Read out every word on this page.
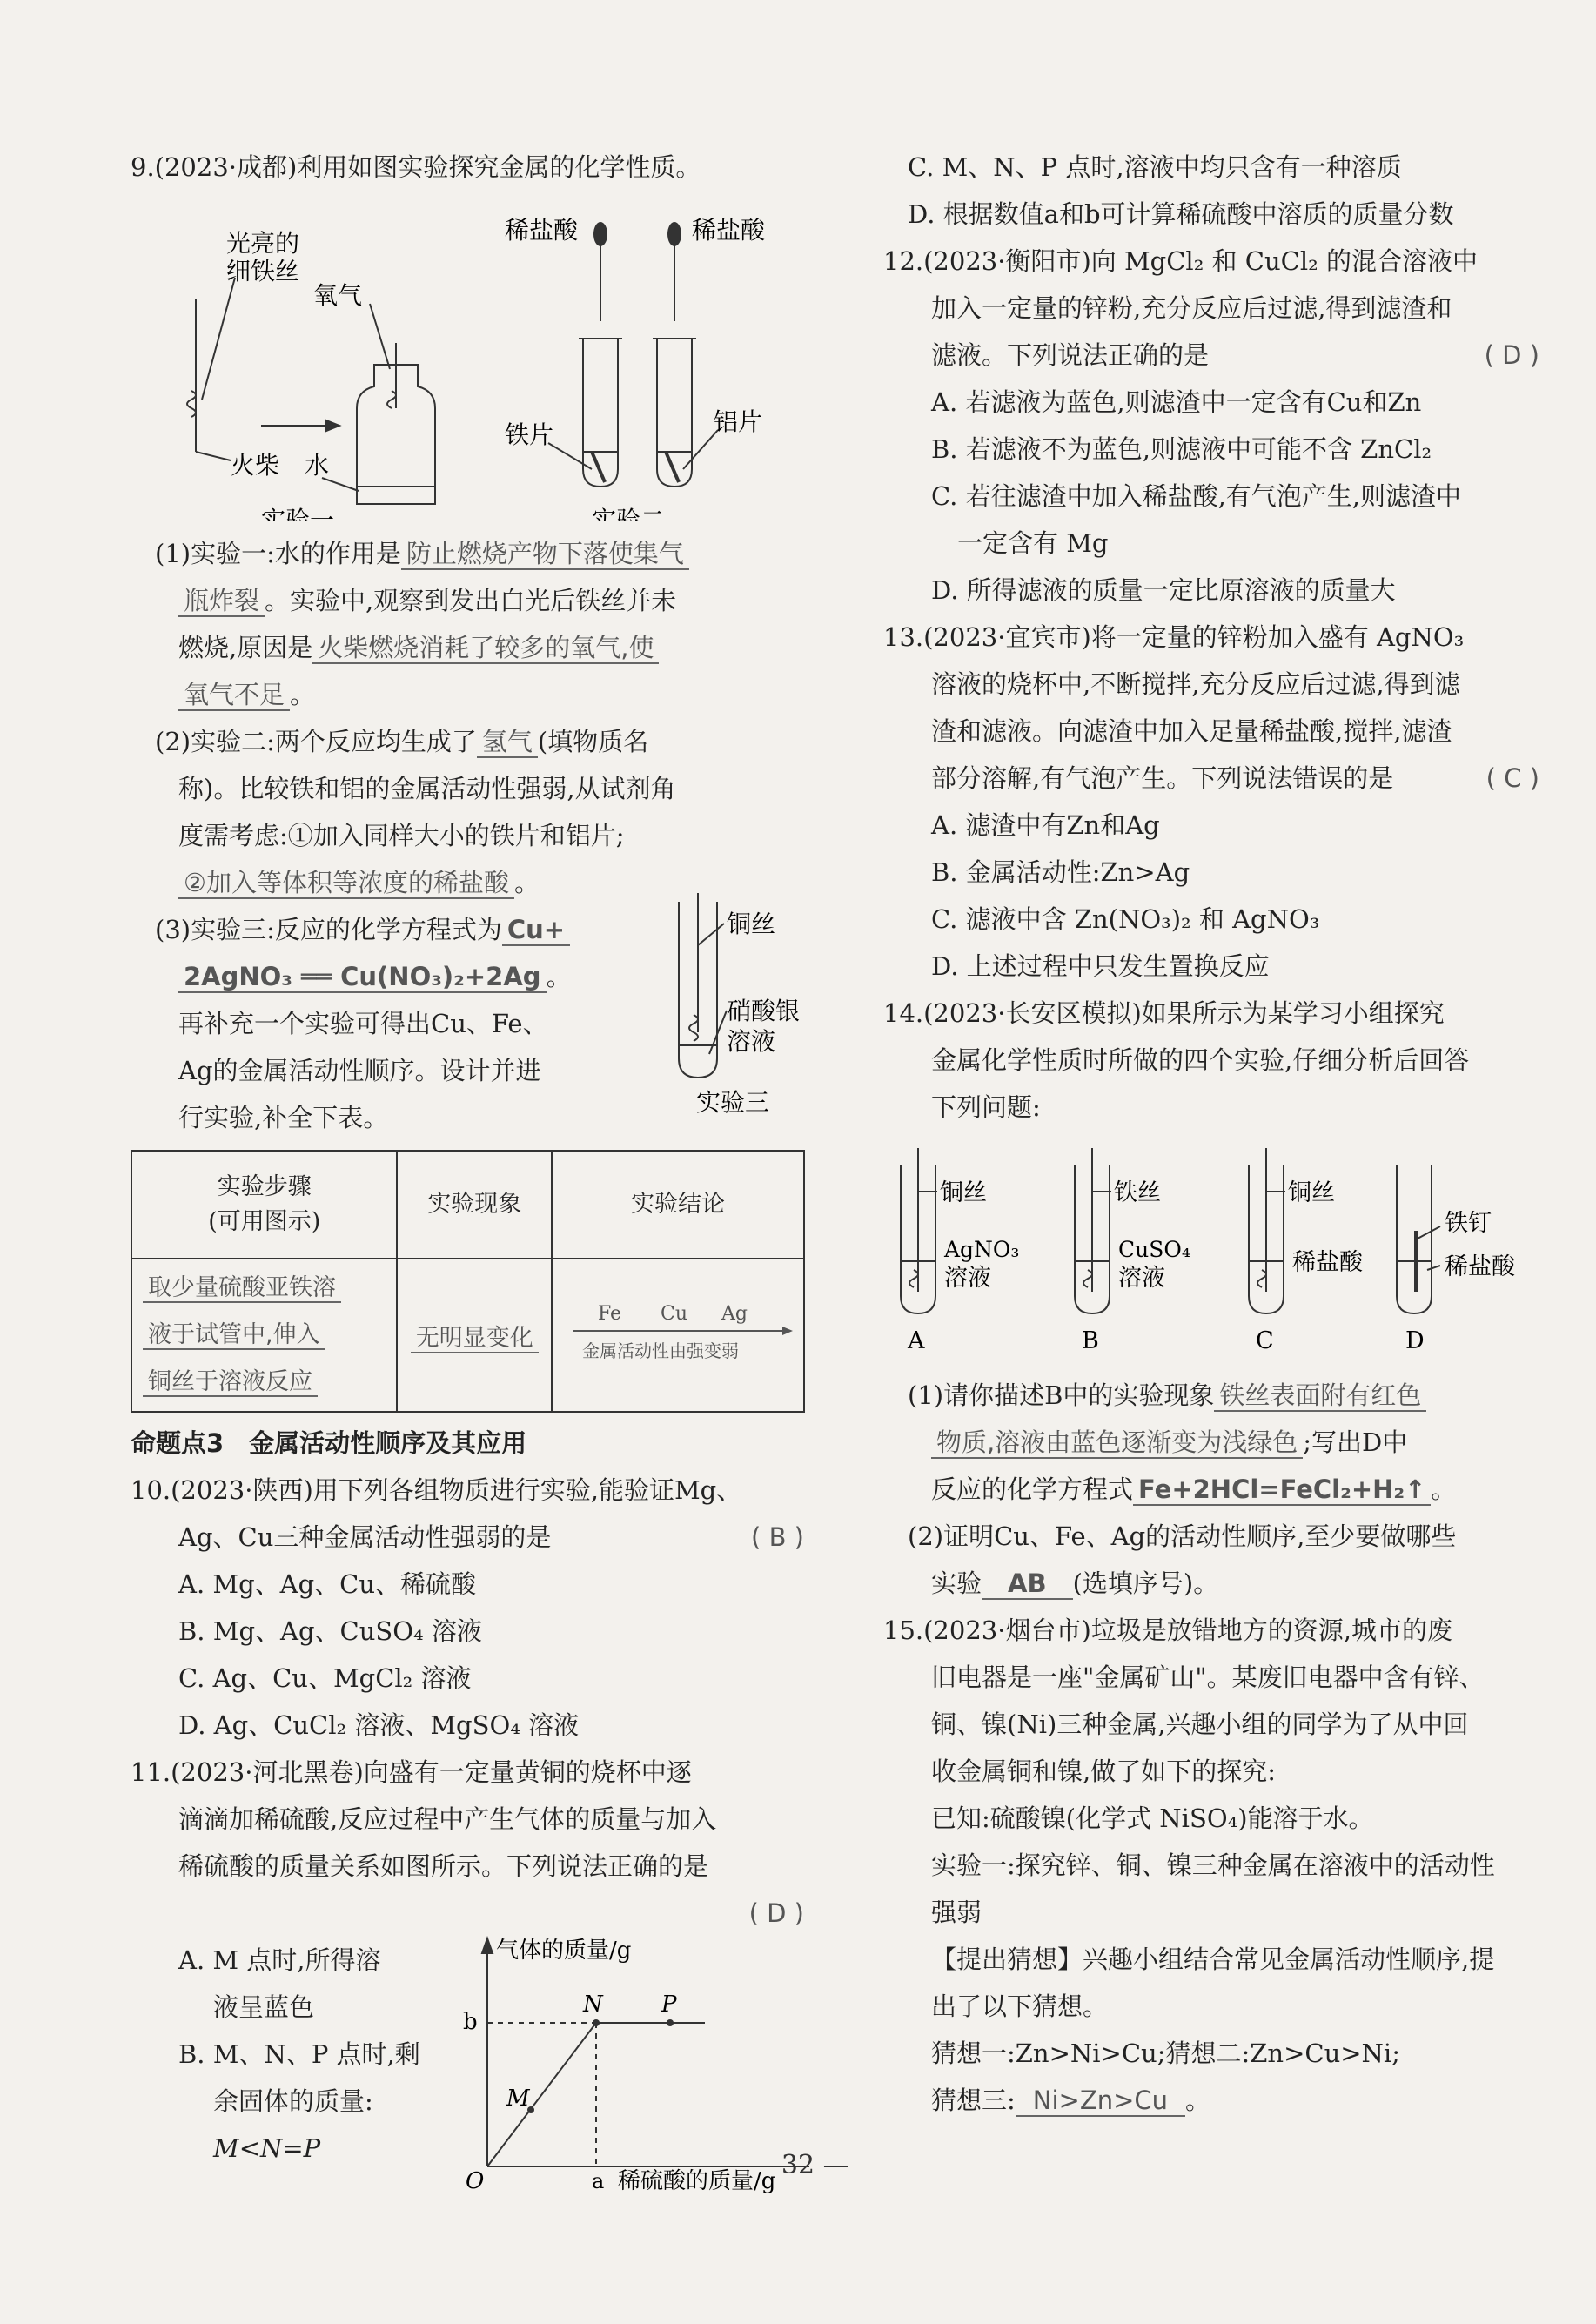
9.(2023·成都)利用如图实验探究金属的化学性质。
光亮的
细铁丝
氧气
火柴 水
实验一
稀盐酸	稀盐酸
铁片	铝片
实验二
(1)实验一:水的作用是 防止燃烧产物下落使集气
瓶炸裂 。实验中,观察到发出白光后铁丝并未
燃烧,原因是 火柴燃烧消耗了较多的氧气,使
氧气不足 。
(2)实验二:两个反应均生成了 氢气 (填物质名
称)。比较铁和铝的金属活动性强弱,从试剂角
度需考虑:①加入同样大小的铁片和铝片;
②加入等体积等浓度的稀盐酸 。
(3)实验三:反应的化学方程式为 Cu+
2AgNO₃ ══ Cu(NO₃)₂+2Ag 。
再补充一个实验可得出Cu、Fe、
Ag的金属活动性顺序。设计并进
行实验,补全下表。
铜丝
硝酸银
溶液
实验三
实验步骤
(可用图示)	实验现象	实验结论
取少量硫酸亚铁溶
液于试管中,伸入
铜丝于溶液反应	无明显变化	Fe Cu Ag
金属活动性由强变弱
命题点3　金属活动性顺序及其应用
10.(2023·陕西)用下列各组物质进行实验,能验证Mg、
Ag、Cu三种金属活动性强弱的是	( B )
A. Mg、Ag、Cu、稀硫酸
B. Mg、Ag、CuSO₄ 溶液
C. Ag、Cu、MgCl₂ 溶液
D. Ag、CuCl₂ 溶液、MgSO₄ 溶液
11.(2023·河北黑卷)向盛有一定量黄铜的烧杯中逐
滴滴加稀硫酸,反应过程中产生气体的质量与加入
稀硫酸的质量关系如图所示。下列说法正确的是
( D )
A. M 点时,所得溶
液呈蓝色
B. M、N、P 点时,剩
余固体的质量:
M<N=P
气体的质量/g
稀硫酸的质量/g
b
a
O
M
N	P
C. M、N、P 点时,溶液中均只含有一种溶质
D. 根据数值a和b可计算稀硫酸中溶质的质量分数
12.(2023·衡阳市)向 MgCl₂ 和 CuCl₂ 的混合溶液中
加入一定量的锌粉,充分反应后过滤,得到滤渣和
滤液。下列说法正确的是	( D )
A. 若滤液为蓝色,则滤渣中一定含有Cu和Zn
B. 若滤液不为蓝色,则滤液中可能不含 ZnCl₂
C. 若往滤渣中加入稀盐酸,有气泡产生,则滤渣中
一定含有 Mg
D. 所得滤液的质量一定比原溶液的质量大
13.(2023·宜宾市)将一定量的锌粉加入盛有 AgNO₃
溶液的烧杯中,不断搅拌,充分反应后过滤,得到滤
渣和滤液。向滤渣中加入足量稀盐酸,搅拌,滤渣
部分溶解,有气泡产生。下列说法错误的是	( C )
A. 滤渣中有Zn和Ag
B. 金属活动性:Zn>Ag
C. 滤液中含 Zn(NO₃)₂ 和 AgNO₃
D. 上述过程中只发生置换反应
14.(2023·长安区模拟)如果所示为某学习小组探究
金属化学性质时所做的四个实验,仔细分析后回答
下列问题:
铜丝
AgNO₃
溶液
A
铁丝
CuSO₄
溶液
B
铜丝
稀盐酸
C
铁钉
稀盐酸
D
(1)请你描述B中的实验现象 铁丝表面附有红色
物质,溶液由蓝色逐渐变为浅绿色 ;写出D中
反应的化学方程式 Fe+2HCl=FeCl₂+H₂↑ 。
(2)证明Cu、Fe、Ag的活动性顺序,至少要做哪些
实验 AB (选填序号)。
15.(2023·烟台市)垃圾是放错地方的资源,城市的废
旧电器是一座"金属矿山"。某废旧电器中含有锌、
铜、镍(Ni)三种金属,兴趣小组的同学为了从中回
收金属铜和镍,做了如下的探究:
已知:硫酸镍(化学式 NiSO₄)能溶于水。
实验一:探究锌、铜、镍三种金属在溶液中的活动性
强弱
【提出猜想】兴趣小组结合常见金属活动性顺序,提
出了以下猜想。
猜想一:Zn>Ni>Cu;猜想二:Zn>Cu>Ni;
猜想三: Ni>Zn>Cu 。
— 32 —
